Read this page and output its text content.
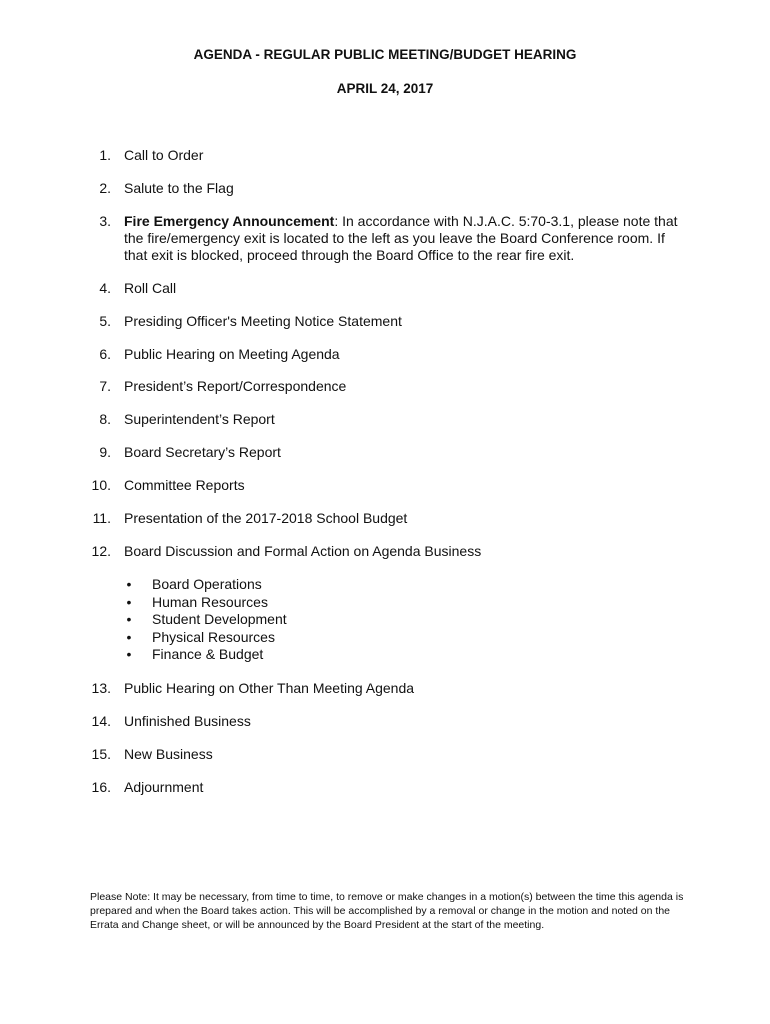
AGENDA - REGULAR PUBLIC MEETING/BUDGET HEARING
APRIL 24, 2017
1. Call to Order
2. Salute to the Flag
3. Fire Emergency Announcement: In accordance with N.J.A.C. 5:70-3.1, please note that the fire/emergency exit is located to the left as you leave the Board Conference room. If that exit is blocked, proceed through the Board Office to the rear fire exit.
4. Roll Call
5. Presiding Officer's Meeting Notice Statement
6. Public Hearing on Meeting Agenda
7. President’s Report/Correspondence
8. Superintendent’s Report
9. Board Secretary’s Report
10. Committee Reports
11. Presentation of the 2017-2018 School Budget
12. Board Discussion and Formal Action on Agenda Business
• Board Operations
• Human Resources
• Student Development
• Physical Resources
• Finance & Budget
13. Public Hearing on Other Than Meeting Agenda
14. Unfinished Business
15. New Business
16. Adjournment
Please Note: It may be necessary, from time to time, to remove or make changes in a motion(s) between the time this agenda is prepared and when the Board takes action. This will be accomplished by a removal or change in the motion and noted on the Errata and Change sheet, or will be announced by the Board President at the start of the meeting.
